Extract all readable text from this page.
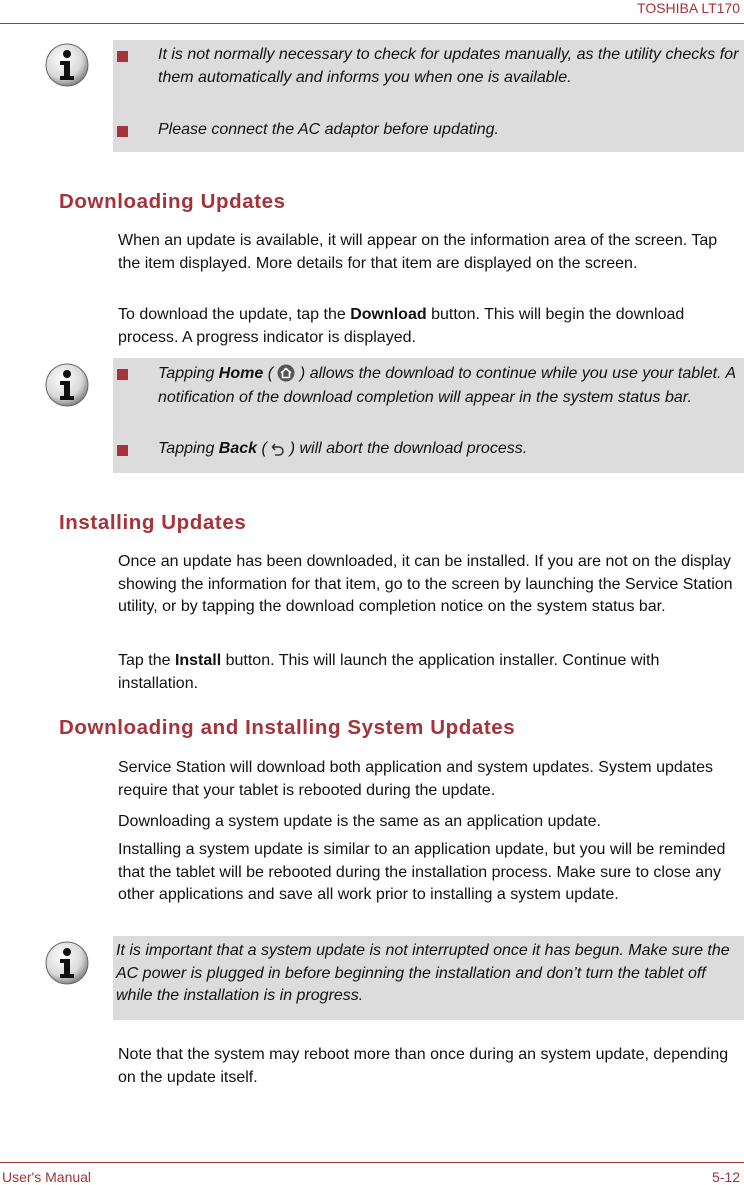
TOSHIBA LT170
It is not normally necessary to check for updates manually, as the utility checks for them automatically and informs you when one is available.
Please connect the AC adaptor before updating.
Downloading Updates
When an update is available, it will appear on the information area of the screen. Tap the item displayed. More details for that item are displayed on the screen.
To download the update, tap the Download button. This will begin the download process. A progress indicator is displayed.
Tapping Home (  ) allows the download to continue while you use your tablet. A notification of the download completion will appear in the system status bar.
Tapping Back (  ) will abort the download process.
Installing Updates
Once an update has been downloaded, it can be installed. If you are not on the display showing the information for that item, go to the screen by launching the Service Station utility, or by tapping the download completion notice on the system status bar.
Tap the Install button. This will launch the application installer. Continue with installation.
Downloading and Installing System Updates
Service Station will download both application and system updates. System updates require that your tablet is rebooted during the update.
Downloading a system update is the same as an application update.
Installing a system update is similar to an application update, but you will be reminded that the tablet will be rebooted during the installation process. Make sure to close any other applications and save all work prior to installing a system update.
It is important that a system update is not interrupted once it has begun. Make sure the AC power is plugged in before beginning the installation and don’t turn the tablet off while the installation is in progress.
Note that the system may reboot more than once during an system update, depending on the update itself.
User's Manual	5-12
